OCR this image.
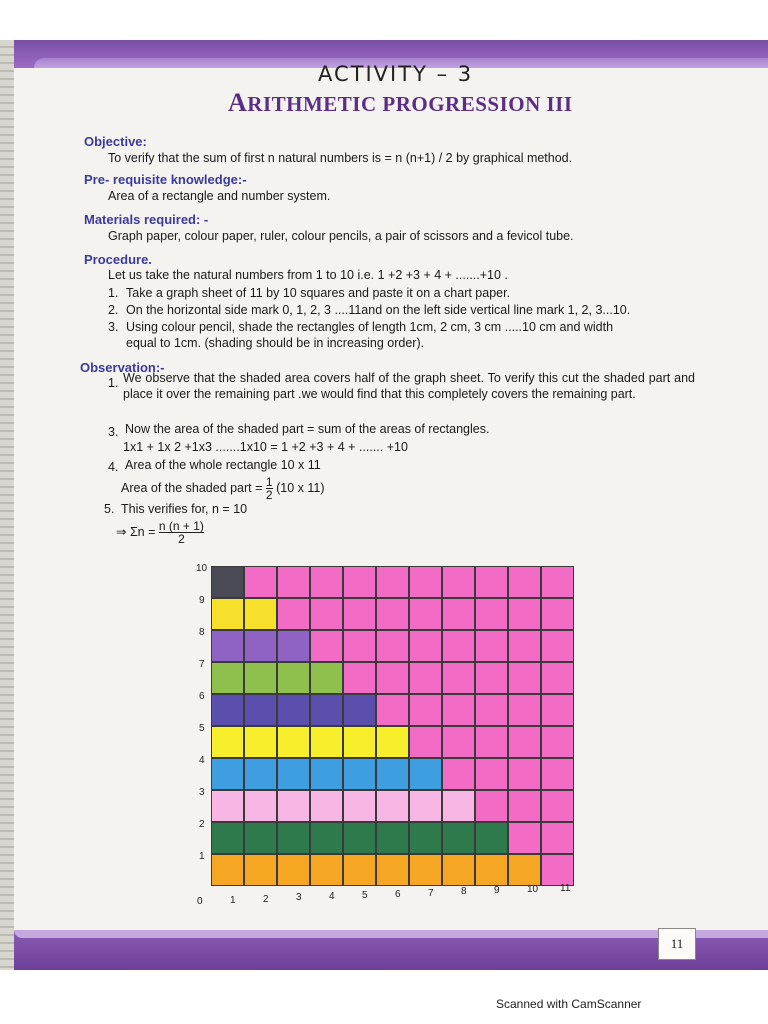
ACTIVITY – 3
ARITHMETIC PROGRESSION III
Objective:
To verify that the sum of first n natural numbers is = n (n+1) / 2 by graphical method.
Pre- requisite knowledge:-
Area of a rectangle and number system.
Materials required: -
Graph paper, colour paper, ruler, colour pencils, a pair of scissors and a fevicol tube.
Procedure.
Let us take the natural numbers from 1 to 10 i.e. 1 +2 +3 + 4 + .......+10 .
1. Take a graph sheet of 11 by 10 squares and paste it on a chart paper.
2. On the horizontal side mark 0, 1, 2, 3 ....11and on the left side vertical line mark 1, 2, 3...10.
3. Using colour pencil, shade the rectangles of length 1cm, 2 cm, 3 cm .....10 cm and width
equal to 1cm. (shading should be in increasing order).
Observation:-
1. We observe that the shaded area covers half of the graph sheet. To verify this cut the shaded part and place it over the remaining part .we would find that this completely covers the remaining part.
3. Now the area of the shaded part = sum of the areas of rectangles.
1x1 + 1x 2 +1x3 .......1x10 = 1 +2 +3 + 4 + ....... +10
4. Area of the whole rectangle 10 x 11
Area of the shaded part = $\frac{1}{2} (10$ x 11)
5. This verifies for, n = 10
⇒ $\Sigma n = \frac{n (n + 1)}{2}$
10
9
8
7
6
5
4
3
2
1
0	1	2	3	4	5	6	7	8	9	10 11
11
Scanned with CamScanner
